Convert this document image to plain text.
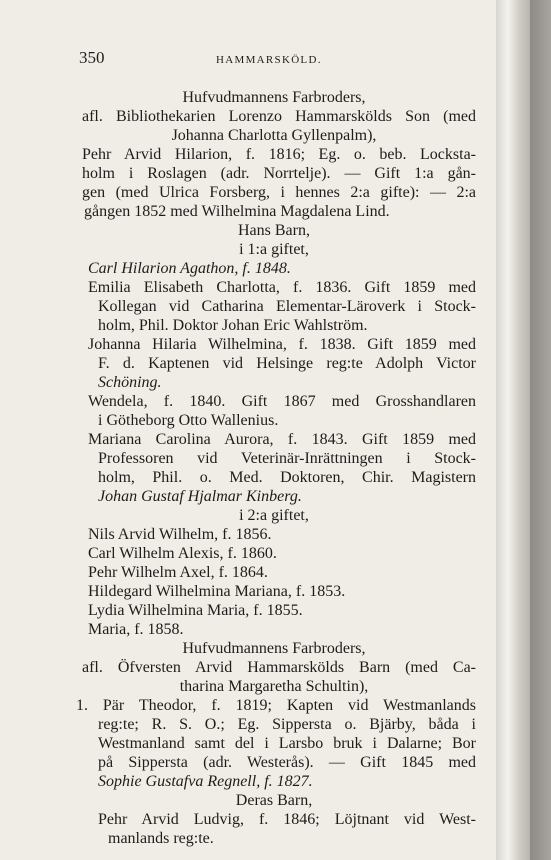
350	HAMMARSKÖLD.
Hufvudmannens Farbroders,
afl. Bibliothekarien Lorenzo Hammarskölds Son (med
Johanna Charlotta Gyllenpalm),
Pehr Arvid Hilarion, f. 1816; Eg. o. beb. Locksta-
holm i Roslagen (adr. Norrtelje). — Gift 1:a gån-
gen (med Ulrica Forsberg, i hennes 2:a gifte): — 2:a
gången 1852 med Wilhelmina Magdalena Lind.
Hans Barn,
i 1:a giftet,
Carl Hilarion Agathon, f. 1848.
Emilia Elisabeth Charlotta, f. 1836. Gift 1859 med
Kollegan vid Catharina Elementar-Läroverk i Stock-
holm, Phil. Doktor Johan Eric Wahlström.
Johanna Hilaria Wilhelmina, f. 1838. Gift 1859 med
F. d. Kaptenen vid Helsinge reg:te Adolph Victor
Schöning.
Wendela, f. 1840. Gift 1867 med Grosshandlaren
i Götheborg Otto Wallenius.
Mariana Carolina Aurora, f. 1843. Gift 1859 med
Professoren vid Veterinär-Inrättningen i Stock-
holm, Phil. o. Med. Doktoren, Chir. Magistern
Johan Gustaf Hjalmar Kinberg.
i 2:a giftet,
Nils Arvid Wilhelm, f. 1856.
Carl Wilhelm Alexis, f. 1860.
Pehr Wilhelm Axel, f. 1864.
Hildegard Wilhelmina Mariana, f. 1853.
Lydia Wilhelmina Maria, f. 1855.
Maria, f. 1858.
Hufvudmannens Farbroders,
afl. Öfversten Arvid Hammarskölds Barn (med Ca-
tharina Margaretha Schultin),
1. Pär Theodor, f. 1819; Kapten vid Westmanlands
reg:te; R. S. O.; Eg. Sippersta o. Bjärby, båda i
Westmanland samt del i Larsbo bruk i Dalarne; Bor
på Sippersta (adr. Westerås). — Gift 1845 med
Sophie Gustafva Regnell, f. 1827.
Deras Barn,
Pehr Arvid Ludvig, f. 1846; Löjtnant vid West-
manlands reg:te.
